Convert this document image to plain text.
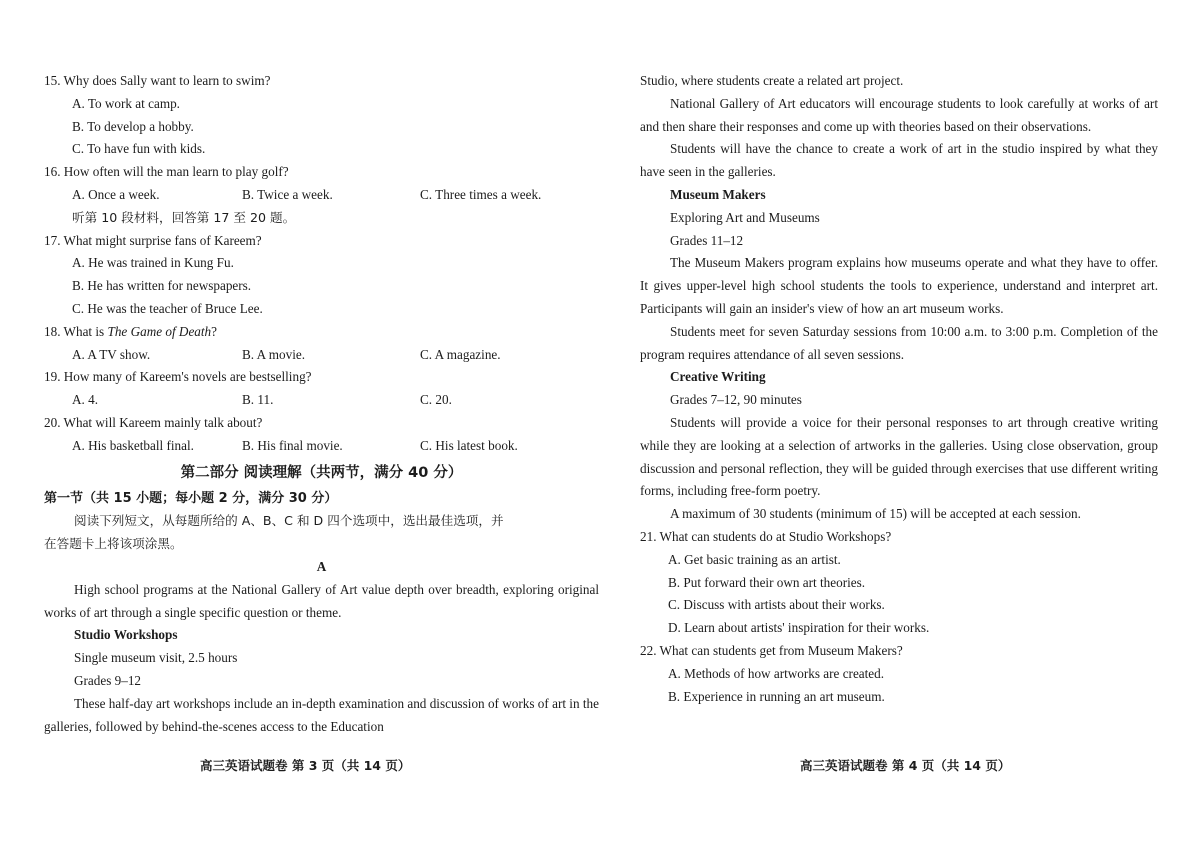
15. Why does Sally want to learn to swim?
A. To work at camp.
B. To develop a hobby.
C. To have fun with kids.
16. How often will the man learn to play golf?
A. Once a week.	B. Twice a week.	C. Three times a week.
听第 10 段材料，回答第 17 至 20 题。
17. What might surprise fans of Kareem?
A. He was trained in Kung Fu.
B. He has written for newspapers.
C. He was the teacher of Bruce Lee.
18. What is The Game of Death?
A. A TV show.	B. A movie.	C. A magazine.
19. How many of Kareem's novels are bestselling?
A. 4.	B. 11.	C. 20.
20. What will Kareem mainly talk about?
A. His basketball final.	B. His final movie.	C. His latest book.
第二部分 阅读理解（共两节，满分 40 分）
第一节（共 15 小题；每小题 2 分，满分 30 分）
阅读下列短文，从每题所给的 A、B、C 和 D 四个选项中，选出最佳选项，并
在答题卡上将该项涂黑。
A

High school programs at the National Gallery of Art value depth over breadth, exploring original works of art through a single specific question or theme.

Studio Workshops
Single museum visit, 2.5 hours
Grades 9–12

These half-day art workshops include an in-depth examination and discussion of works of art in the galleries, followed by behind-the-scenes access to the Education

Studio, where students create a related art project.

National Gallery of Art educators will encourage students to look carefully at works of art and then share their responses and come up with theories based on their observations.

Students will have the chance to create a work of art in the studio inspired by what they have seen in the galleries.

Museum Makers
Exploring Art and Museums
Grades 11–12

The Museum Makers program explains how museums operate and what they have to offer. It gives upper-level high school students the tools to experience, understand and interpret art. Participants will gain an insider's view of how an art museum works.

Students meet for seven Saturday sessions from 10:00 a.m. to 3:00 p.m. Completion of the program requires attendance of all seven sessions.

Creative Writing
Grades 7–12, 90 minutes

Students will provide a voice for their personal responses to art through creative writing while they are looking at a selection of artworks in the galleries. Using close observation, group discussion and personal reflection, they will be guided through exercises that use different writing forms, including free-form poetry.

A maximum of 30 students (minimum of 15) will be accepted at each session.

21. What can students do at Studio Workshops?
A. Get basic training as an artist.
B. Put forward their own art theories.
C. Discuss with artists about their works.
D. Learn about artists' inspiration for their works.
22. What can students get from Museum Makers?
A. Methods of how artworks are created.
B. Experience in running an art museum.
高三英语试题卷 第 3 页（共 14 页）	高三英语试题卷 第 4 页（共 14 页）
